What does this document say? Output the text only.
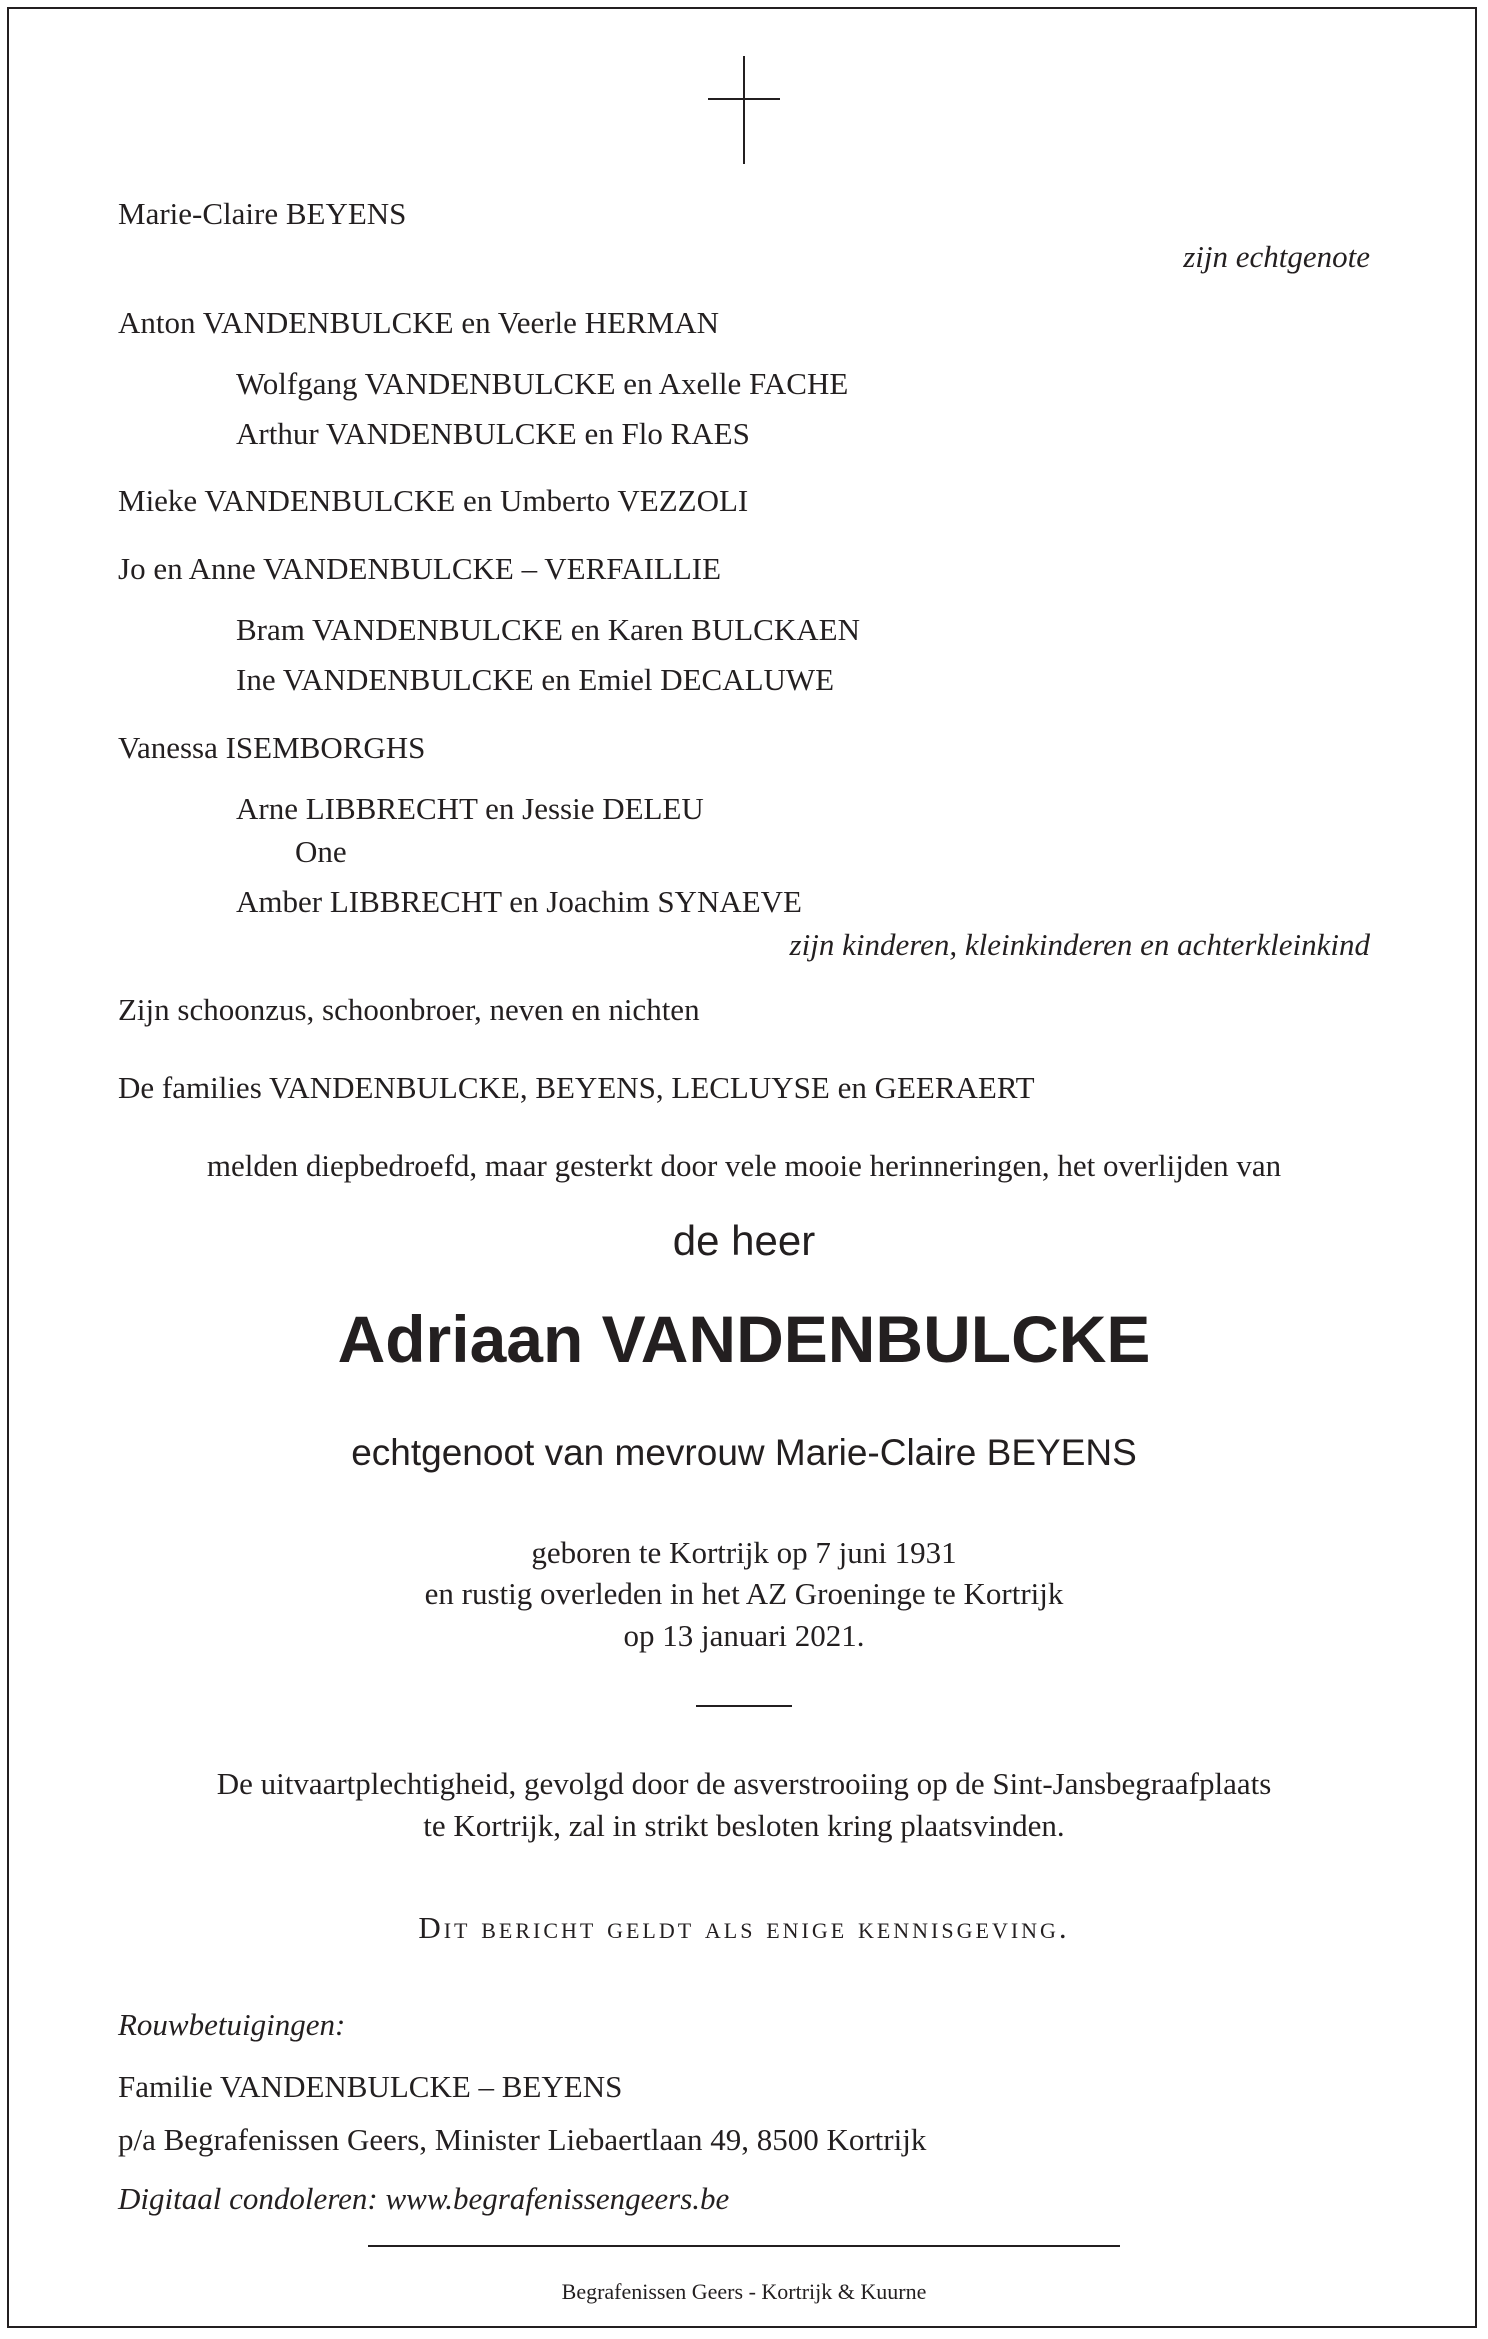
Marie-Claire BEYENS
zijn echtgenote
Anton VANDENBULCKE en Veerle HERMAN
Wolfgang VANDENBULCKE en Axelle FACHE
Arthur VANDENBULCKE en Flo RAES
Mieke VANDENBULCKE en Umberto VEZZOLI
Jo en Anne VANDENBULCKE – VERFAILLIE
Bram VANDENBULCKE en Karen BULCKAEN
Ine VANDENBULCKE en Emiel DECALUWE
Vanessa ISEMBORGHS
Arne LIBBRECHT en Jessie DELEU
One
Amber LIBBRECHT en Joachim SYNAEVE
zijn kinderen, kleinkinderen en achterkleinkind
Zijn schoonzus, schoonbroer, neven en nichten
De families VANDENBULCKE, BEYENS, LECLUYSE en GEERAERT
melden diepbedroefd, maar gesterkt door vele mooie herinneringen, het overlijden van
de heer
Adriaan VANDENBULCKE
echtgenoot van mevrouw Marie-Claire BEYENS
geboren te Kortrijk op 7 juni 1931
en rustig overleden in het AZ Groeninge te Kortrijk
op 13 januari 2021.
De uitvaartplechtigheid, gevolgd door de asverstrooiing op de Sint-Jansbegraafplaats
te Kortrijk, zal in strikt besloten kring plaatsvinden.
Dit bericht geldt als enige kennisgeving.
Rouwbetuigingen:
Familie VANDENBULCKE – BEYENS
p/a Begrafenissen Geers, Minister Liebaertlaan 49, 8500 Kortrijk
Digitaal condoleren: www.begrafenissengeers.be
Begrafenissen Geers - Kortrijk & Kuurne
